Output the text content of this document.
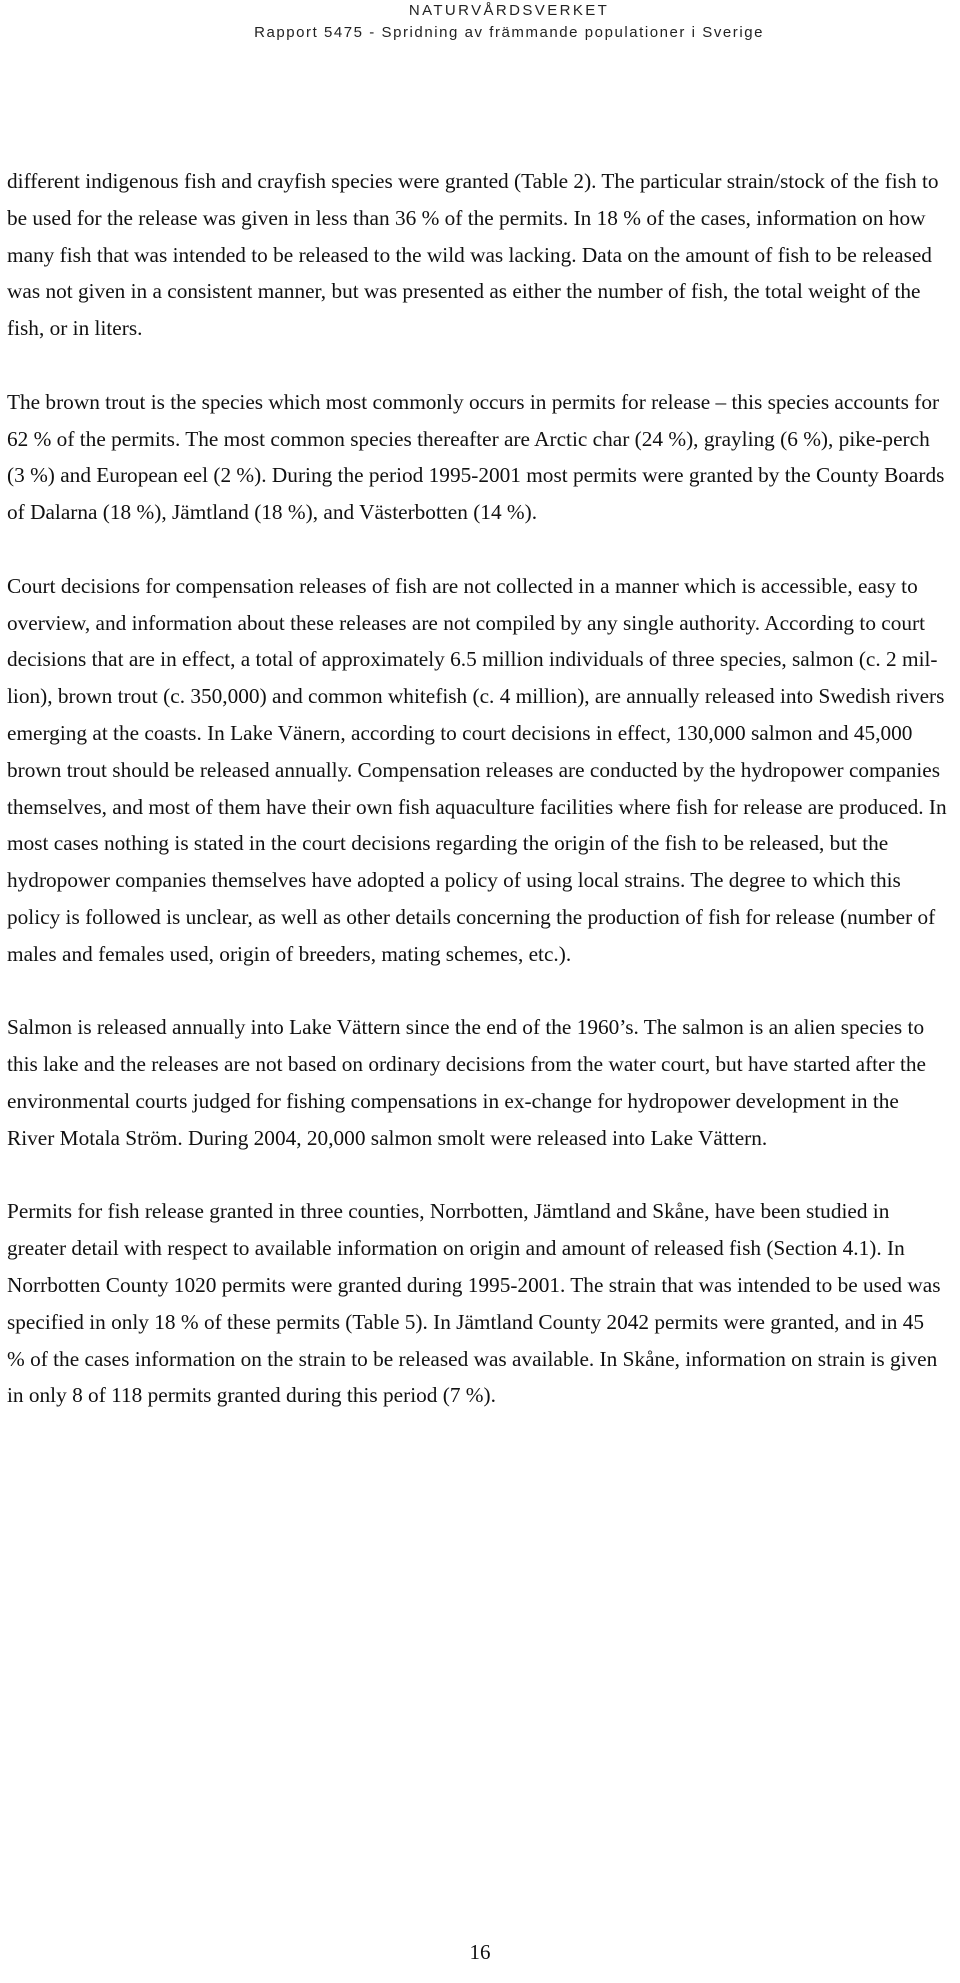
NATURVÅRDSVERKET
Rapport 5475 - Spridning av främmande populationer i Sverige

different indigenous fish and crayfish species were granted (Table 2). The particular strain/stock of the fish to be used for the release was given in less than 36 % of the permits. In 18 % of the cases, information on how many fish that was intended to be released to the wild was lacking. Data on the amount of fish to be released was not given in a consistent manner, but was presented as either the number of fish, the total weight of the fish, or in liters.

The brown trout is the species which most commonly occurs in permits for release – this species accounts for 62 % of the permits. The most common species thereafter are Arctic char (24 %), grayling (6 %), pike-perch (3 %) and European eel (2 %). During the period 1995-2001 most permits were granted by the County Boards of Dalarna (18 %), Jämtland (18 %), and Västerbotten (14 %).

Court decisions for compensation releases of fish are not collected in a manner which is accessible, easy to overview, and information about these releases are not compiled by any single authority. According to court decisions that are in effect, a total of approximately 6.5 million individuals of three species, salmon (c. 2 mil-lion), brown trout (c. 350,000) and common whitefish (c. 4 million), are annually released into Swedish rivers emerging at the coasts. In Lake Vänern, according to court decisions in effect, 130,000 salmon and 45,000 brown trout should be released annually. Compensation releases are conducted by the hydropower companies themselves, and most of them have their own fish aquaculture facilities where fish for release are produced. In most cases nothing is stated in the court decisions regarding the origin of the fish to be released, but the hydropower companies themselves have adopted a policy of using local strains. The degree to which this policy is followed is unclear, as well as other details concerning the production of fish for release (number of males and females used, origin of breeders, mating schemes, etc.).

Salmon is released annually into Lake Vättern since the end of the 1960’s. The salmon is an alien species to this lake and the releases are not based on ordinary decisions from the water court, but have started after the environmental courts judged for fishing compensations in ex-change for hydropower development in the River Motala Ström. During 2004, 20,000 salmon smolt were released into Lake Vättern.

Permits for fish release granted in three counties, Norrbotten, Jämtland and Skåne, have been studied in greater detail with respect to available information on origin and amount of released fish (Section 4.1). In Norrbotten County 1020 permits were granted during 1995-2001. The strain that was intended to be used was specified in only 18 % of these permits (Table 5). In Jämtland County 2042 permits were granted, and in 45 % of the cases information on the strain to be released was available. In Skåne, information on strain is given in only 8 of 118 permits granted during this period (7 %).

16
